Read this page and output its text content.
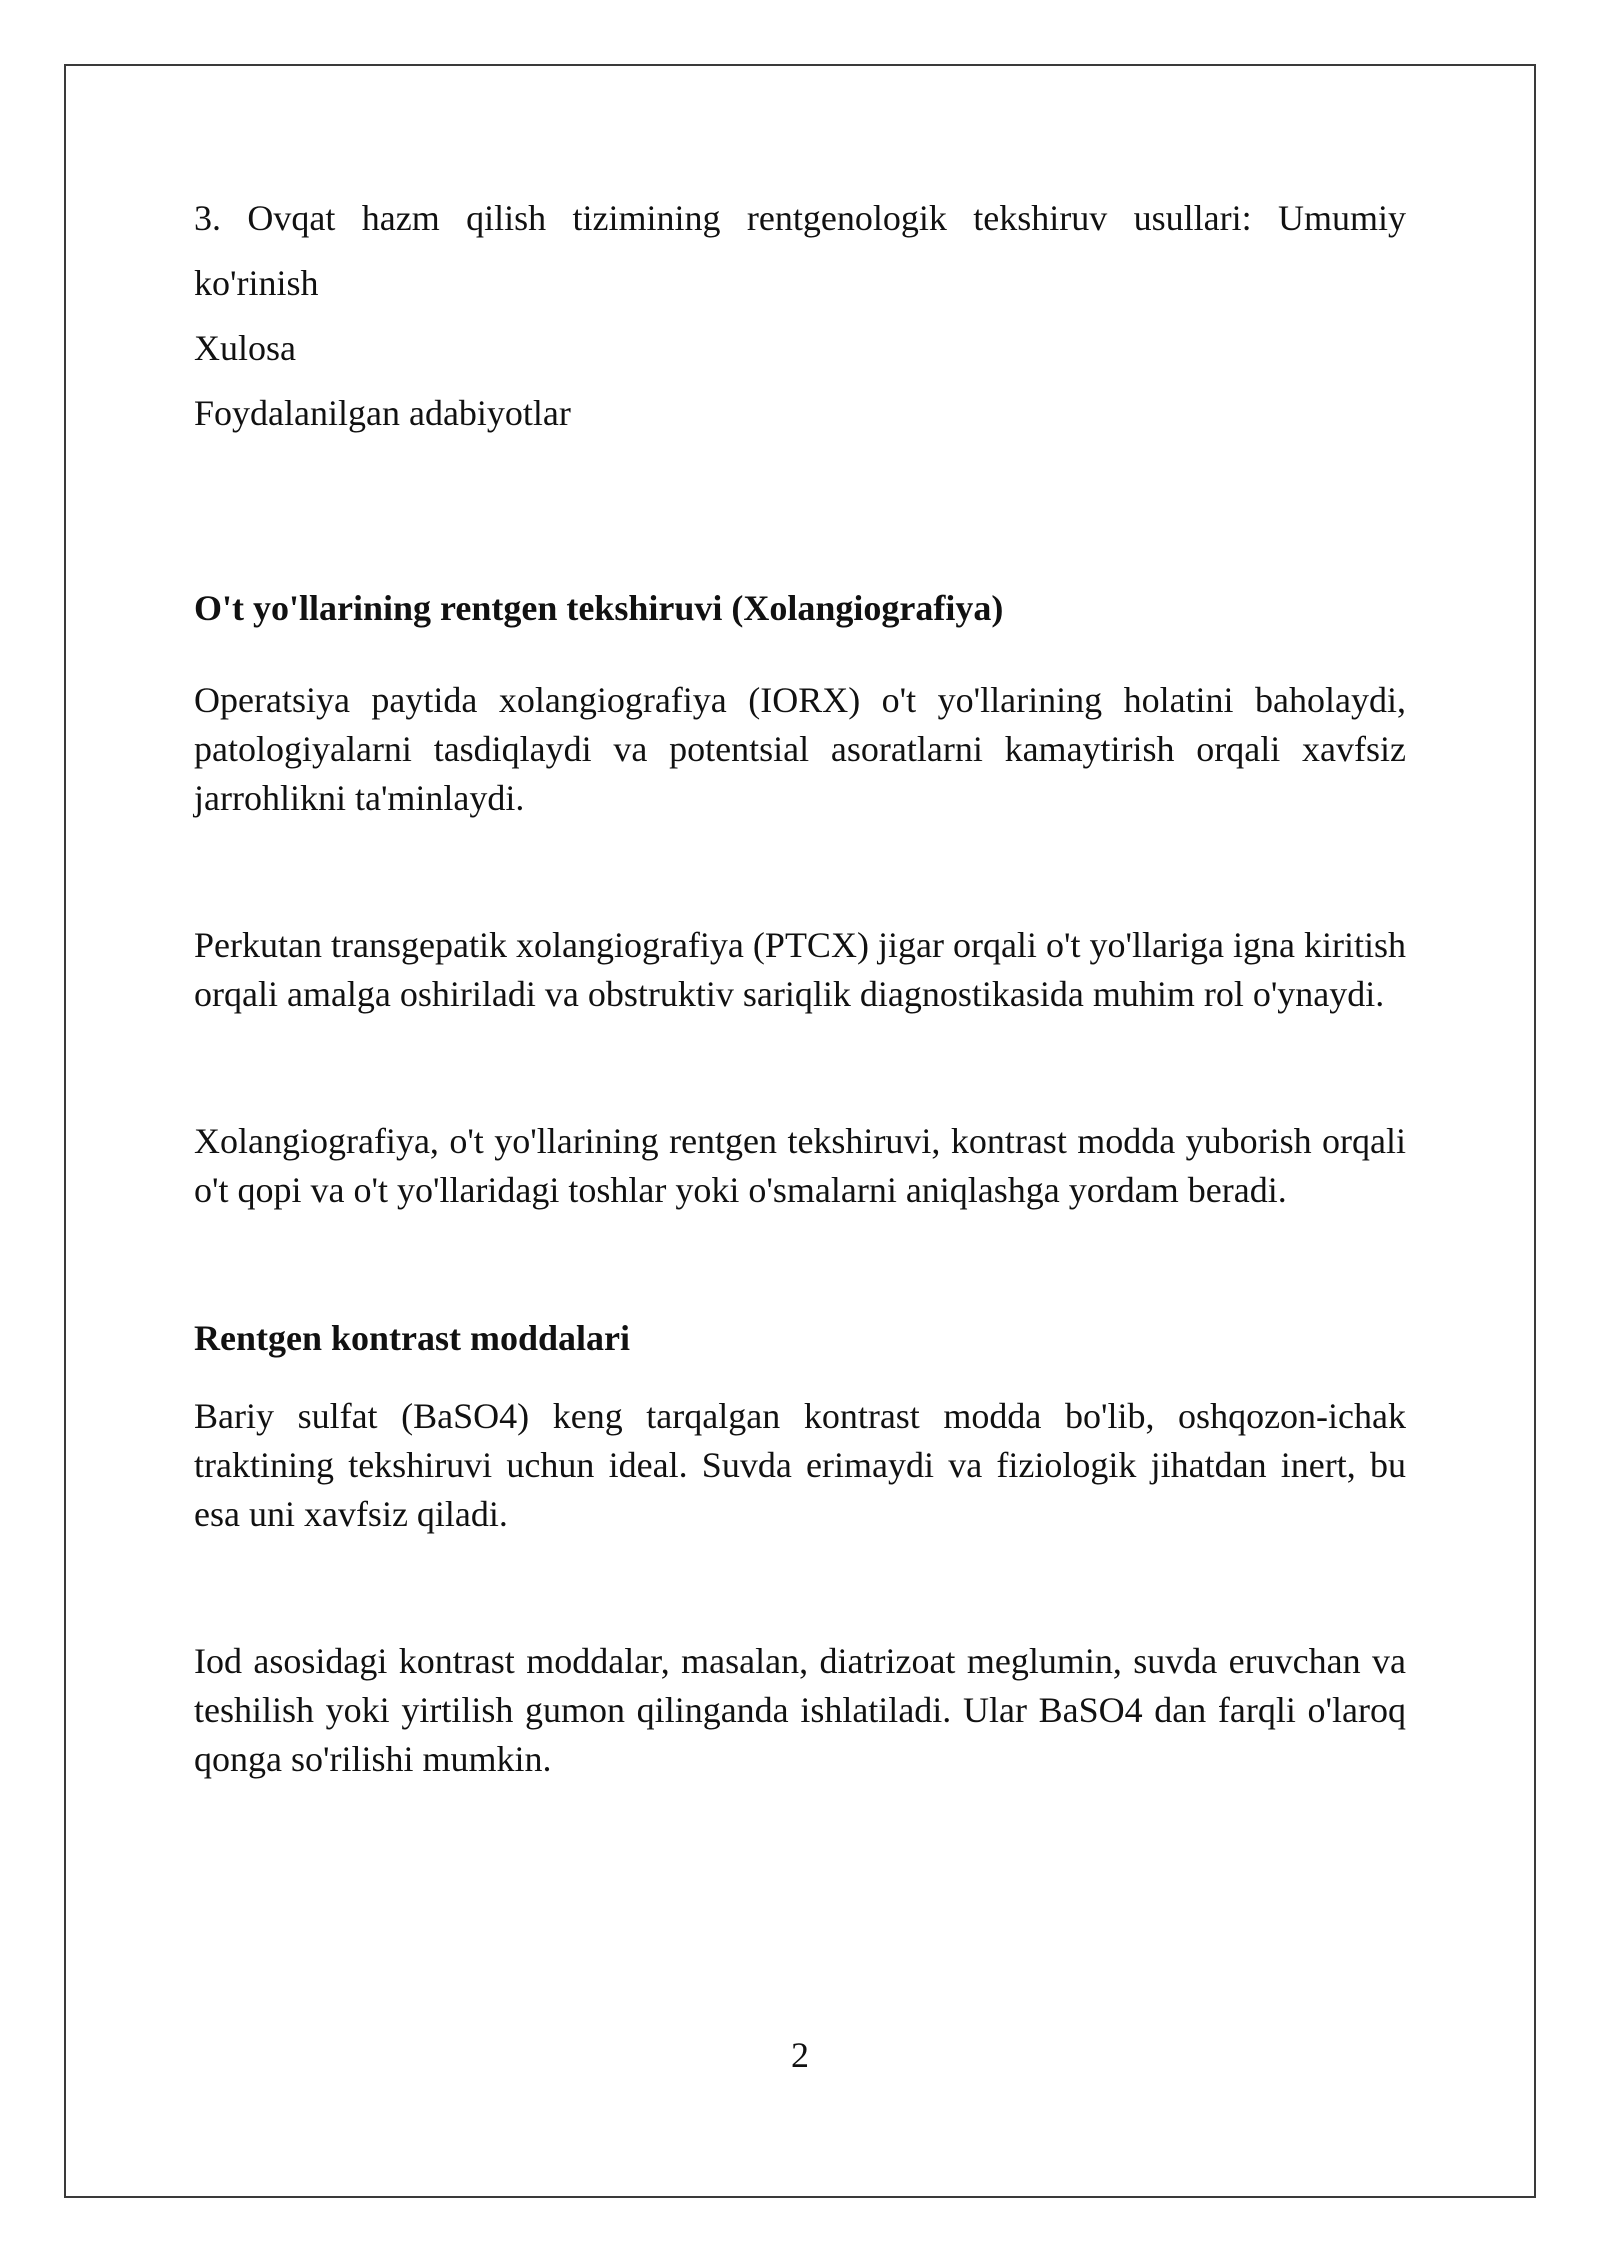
3. Ovqat hazm qilish tizimining rentgenologik tekshiruv usullari: Umumiy
ko'rinish

Xulosa

Foydalanilgan adabiyotlar

O't yo'llarining rentgen tekshiruvi (Xolangiografiya)

Operatsiya paytida xolangiografiya (IORX) o't yo'llarining holatini baholaydi, patologiyalarni tasdiqlaydi va potentsial asoratlarni kamaytirish orqali xavfsiz jarrohlikni ta'minlaydi.

Perkutan transgepatik xolangiografiya (PTCX) jigar orqali o't yo'llariga igna kiritish orqali amalga oshiriladi va obstruktiv sariqlik diagnostikasida muhim rol o'ynaydi.

Xolangiografiya, o't yo'llarining rentgen tekshiruvi, kontrast modda yuborish orqali o't qopi va o't yo'llaridagi toshlar yoki o'smalarni aniqlashga yordam beradi.

Rentgen kontrast moddalari

Bariy sulfat (BaSO4) keng tarqalgan kontrast modda bo'lib, oshqozon-ichak traktining tekshiruvi uchun ideal. Suvda erimaydi va fiziologik jihatdan inert, bu esa uni xavfsiz qiladi.

Iod asosidagi kontrast moddalar, masalan, diatrizoat meglumin, suvda eruvchan va teshilish yoki yirtilish gumon qilinganda ishlatiladi. Ular BaSO4 dan farqli o'laroq qonga so'rilishi mumkin.

2
